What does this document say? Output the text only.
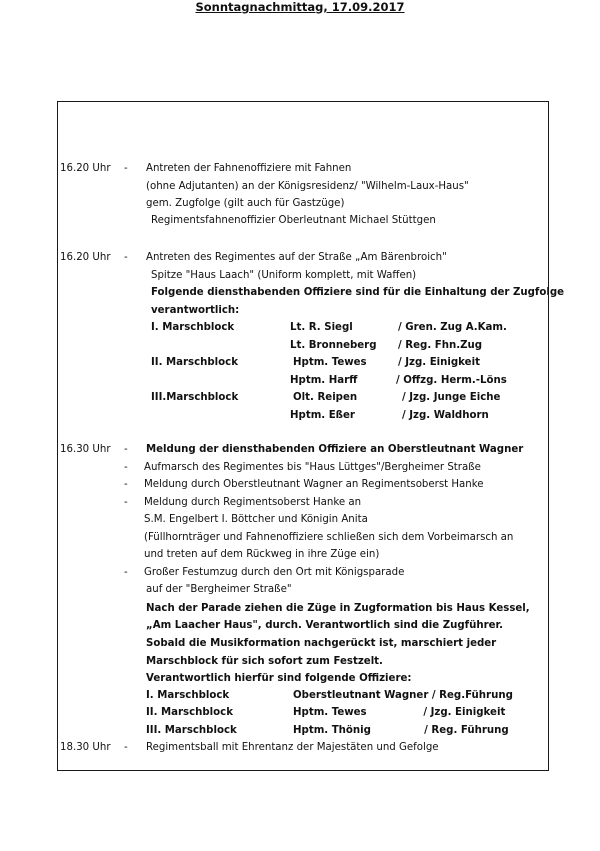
Sonntagnachmittag, 17.09.2017
16.20 Uhr - Antreten der Fahnenoffiziere mit Fahnen
(ohne Adjutanten) an der Königsresidenz/ "Wilhelm-Laux-Haus"
gem. Zugfolge (gilt auch für Gastzüge)
Regimentsfahnenoffizier Oberleutnant Michael Stüttgen
16.20 Uhr - Antreten des Regimentes auf der Straße „Am Bärenbroich"
Spitze "Haus Laach" (Uniform komplett, mit Waffen)
Folgende diensthabenden Offiziere sind für die Einhaltung der Zugfolge
verantwortlich:
I. Marschblock	Lt. R. Siegl	/ Gren. Zug A.Kam.
Lt. Bronneberg / Reg. Fhn.Zug
II. Marschblock	Hptm. Tewes	/ Jzg. Einigkeit
Hptm. Harff	/ Offzg. Herm.-Löns
III.Marschblock	Olt. Reipen	/ Jzg. Junge Eiche
Hptm. Eßer	/ Jzg. Waldhorn
16.30 Uhr - Meldung der diensthabenden Offiziere an Oberstleutnant Wagner
- Aufmarsch des Regimentes bis "Haus Lüttges"/Bergheimer Straße
- Meldung durch Oberstleutnant Wagner an Regimentsoberst Hanke
- Meldung durch Regimentsoberst Hanke an
S.M. Engelbert I. Böttcher und Königin Anita
(Füllhornträger und Fahnenoffiziere schließen sich dem Vorbeimarsch an
und treten auf dem Rückweg in ihre Züge ein)
- Großer Festumzug durch den Ort mit Königsparade
auf der "Bergheimer Straße"
Nach der Parade ziehen die Züge in Zugformation bis Haus Kessel,
„Am Laacher Haus", durch. Verantwortlich sind die Zugführer.
Sobald die Musikformation nachgerückt ist, marschiert jeder
Marschblock für sich sofort zum Festzelt.
Verantwortlich hierfür sind folgende Offiziere:
I. Marschblock	Oberstleutnant Wagner / Reg.Führung
II. Marschblock	Hptm. Tewes                / Jzg. Einigkeit
III. Marschblock	Hptm. Thönig               / Reg. Führung
18.30 Uhr - Regimentsball mit Ehrentanz der Majestäten und Gefolge
